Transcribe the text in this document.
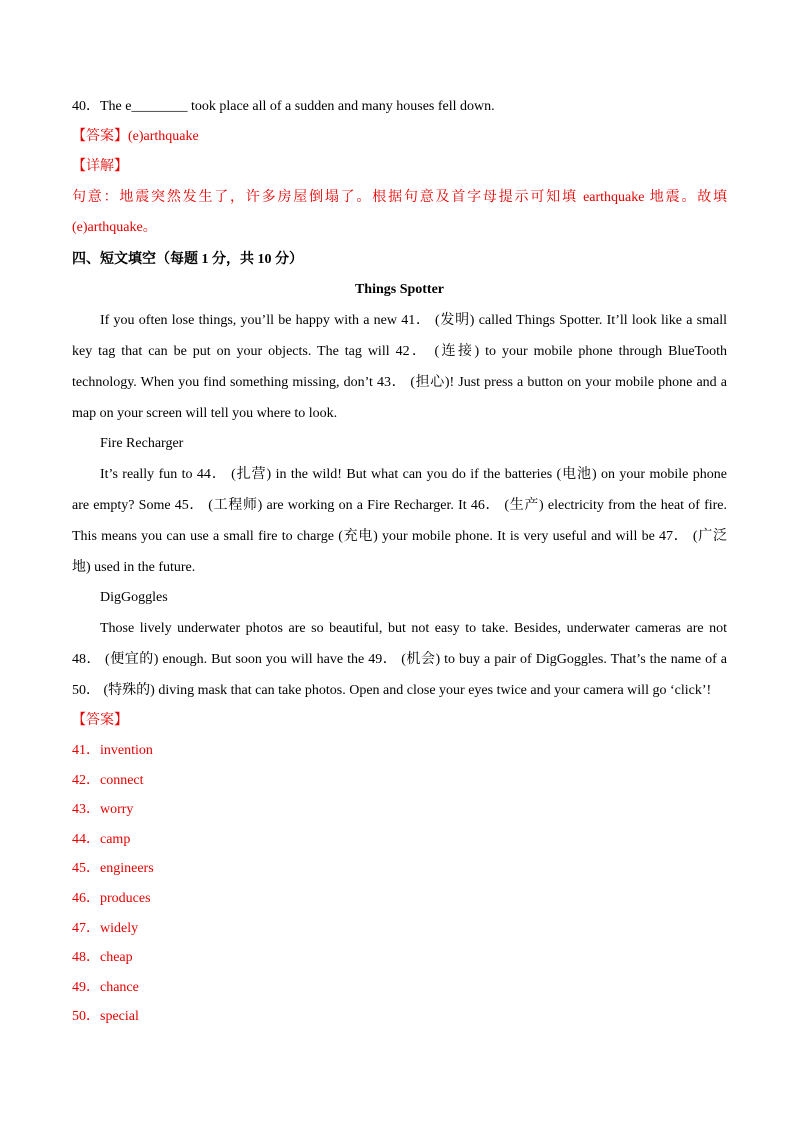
40．The e________ took place all of a sudden and many houses fell down.
【答案】(e)arthquake
【详解】
句意：地震突然发生了，许多房屋倒塌了。根据句意及首字母提示可知填 earthquake 地震。故填
(e)arthquake。
四、短文填空（每题 1 分，共 10 分）
Things Spotter
If you often lose things, you’ll be happy with a new 41． (发明) called Things Spotter. It’ll look like a small
key tag that can be put on your objects. The tag will 42． (连接) to your mobile phone through BlueTooth
technology. When you find something missing, don’t 43． (担心)! Just press a button on your mobile phone and a
map on your screen will tell you where to look.
Fire Recharger
It’s really fun to 44． (扎营) in the wild! But what can you do if the batteries (电池) on your mobile phone
are empty? Some 45． (工程师) are working on a Fire Recharger. It 46． (生产) electricity from the heat of fire.
This means you can use a small fire to charge (充电) your mobile phone. It is very useful and will be 47． (广泛
地) used in the future.
DigGoggles
Those lively underwater photos are so beautiful, but not easy to take. Besides, underwater cameras are not
48． (便宜的) enough. But soon you will have the 49． (机会) to buy a pair of DigGoggles. That’s the name of a
50． (特殊的) diving mask that can take photos. Open and close your eyes twice and your camera will go ‘click’!
【答案】
41．invention
42．connect
43．worry
44．camp
45．engineers
46．produces
47．widely
48．cheap
49．chance
50．special
